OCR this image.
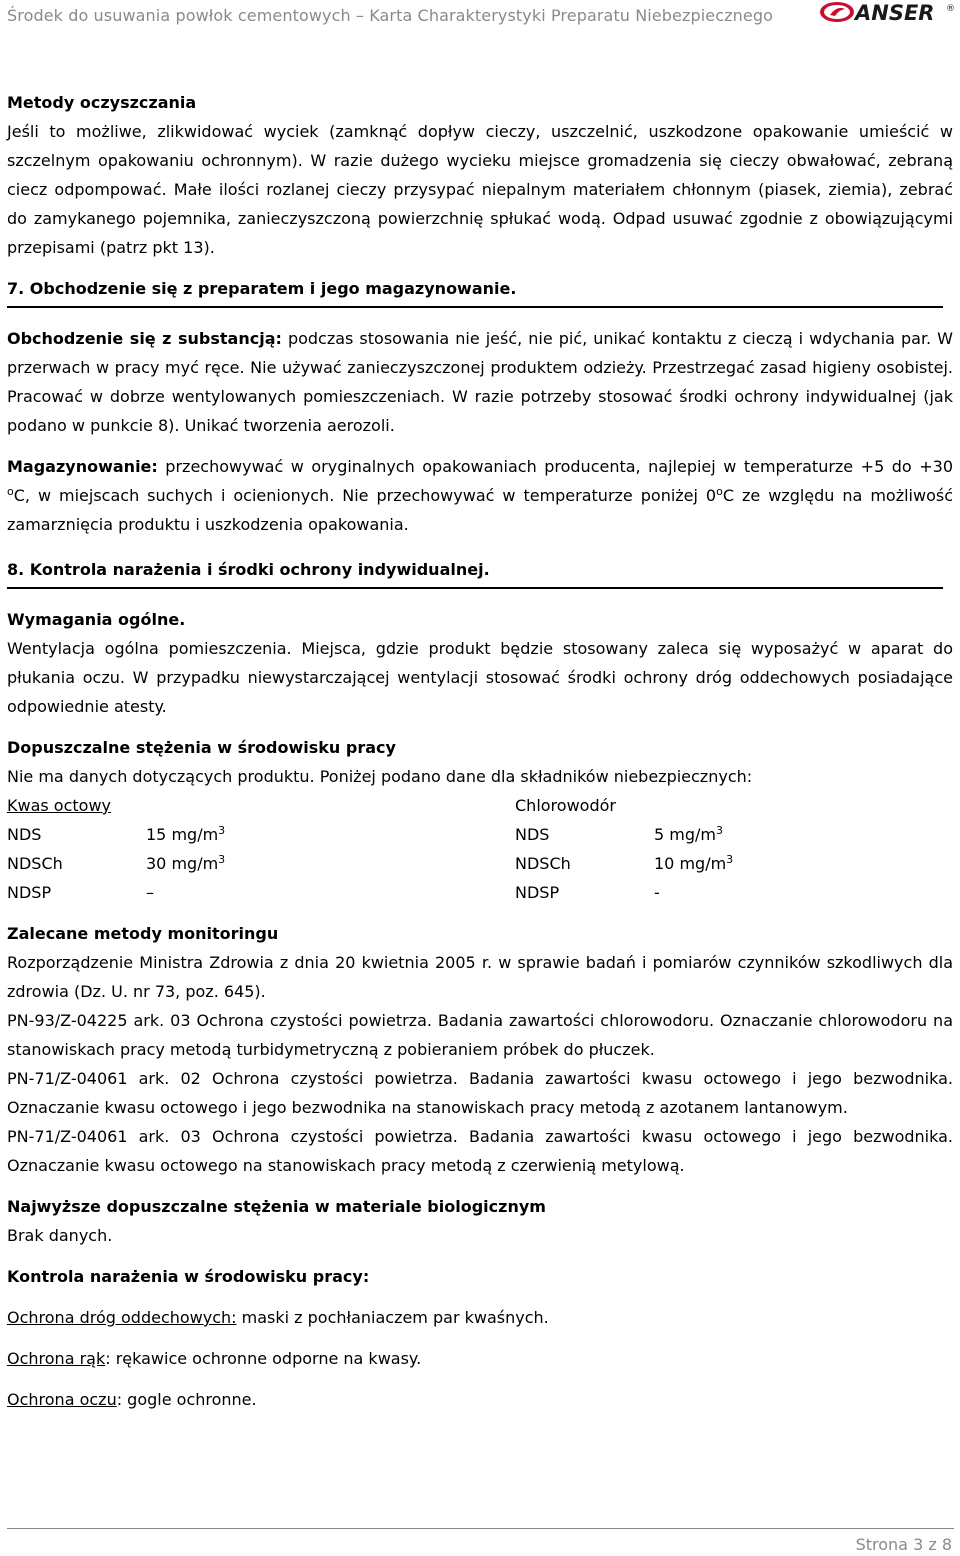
Środek do usuwania powłok cementowych – Karta Charakterystyki Preparatu Niebezpiecznego	ANSER ®

Metody oczyszczania

Jeśli to możliwe, zlikwidować wyciek (zamknąć dopływ cieczy, uszczelnić, uszkodzone opakowanie umieścić w szczelnym opakowaniu ochronnym). W razie dużego wycieku miejsce gromadzenia się cieczy obwałować, zebraną ciecz odpompować. Małe ilości rozlanej cieczy przysypać niepalnym materiałem chłonnym (piasek, ziemia), zebrać do zamykanego pojemnika, zanieczyszczoną powierzchnię spłukać wodą. Odpad usuwać zgodnie z obowiązującymi przepisami (patrz pkt 13).

7. Obchodzenie się z preparatem i jego magazynowanie.

Obchodzenie się z substancją: podczas stosowania nie jeść, nie pić, unikać kontaktu z cieczą i wdychania par. W przerwach w pracy myć ręce. Nie używać zanieczyszczonej produktem odzieży. Przestrzegać zasad higieny osobistej. Pracować w dobrze wentylowanych pomieszczeniach. W razie potrzeby stosować środki ochrony indywidualnej (jak podano w punkcie 8). Unikać tworzenia aerozoli.

Magazynowanie: przechowywać w oryginalnych opakowaniach producenta, najlepiej w temperaturze +5 do +30 $^o$C, w miejscach suchych i ocienionych. Nie przechowywać w temperaturze poniżej 0$^o$C ze względu na możliwość zamarznięcia produktu i uszkodzenia opakowania.

8. Kontrola narażenia i środki ochrony indywidualnej.

Wymagania ogólne.

Wentylacja ogólna pomieszczenia. Miejsca, gdzie produkt będzie stosowany zaleca się wyposażyć w aparat do płukania oczu. W przypadku niewystarczającej wentylacji stosować środki ochrony dróg oddechowych posiadające odpowiednie atesty.

Dopuszczalne stężenia w środowisku pracy

Nie ma danych dotyczących produktu. Poniżej podano dane dla składników niebezpiecznych:

Kwas octowy	Chlorowodór
NDS	15 $mg/m^3$	NDS	5 $mg/m^3$
NDSCh	30 $mg/m^3$	NDSCh	10 $mg/m^3$
NDSP	–	NDSP	-

Zalecane metody monitoringu

Rozporządzenie Ministra Zdrowia z dnia 20 kwietnia 2005 r. w sprawie badań i pomiarów czynników szkodliwych dla zdrowia (Dz. U. nr 73, poz. 645).

PN-93/Z-04225 ark. 03 Ochrona czystości powietrza. Badania zawartości chlorowodoru. Oznaczanie chlorowodoru na stanowiskach pracy metodą turbidymetryczną z pobieraniem próbek do płuczek.

PN-71/Z-04061 ark. 02 Ochrona czystości powietrza. Badania zawartości kwasu octowego i jego bezwodnika. Oznaczanie kwasu octowego i jego bezwodnika na stanowiskach pracy metodą z azotanem lantanowym.

PN-71/Z-04061 ark. 03 Ochrona czystości powietrza. Badania zawartości kwasu octowego i jego bezwodnika. Oznaczanie kwasu octowego na stanowiskach pracy metodą z czerwienią metylową.

Najwyższe dopuszczalne stężenia w materiale biologicznym

Brak danych.

Kontrola narażenia w środowisku pracy:

Ochrona dróg oddechowych: maski z pochłaniaczem par kwaśnych.

Ochrona rąk: rękawice ochronne odporne na kwasy.

Ochrona oczu: gogle ochronne.

Strona 3 z 8
